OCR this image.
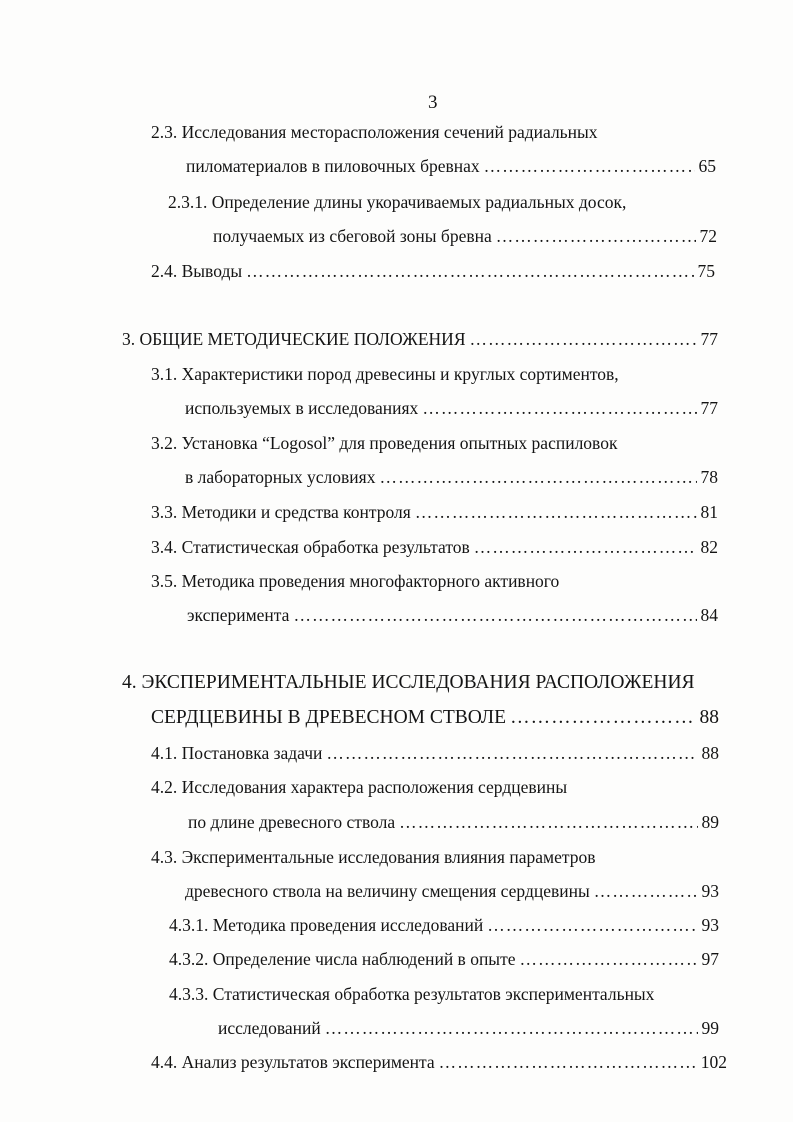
3
2.3. Исследования месторасположения сечений радиальных
пиломатериалов в пиловочных бревнах ………………………………………………………………………………………………………………………………………	65
2.3.1. Определение длины укорачиваемых радиальных досок,
получаемых из сбеговой зоны бревна ………………………………………………………………………………………………………………………………………	72
2.4. Выводы ………………………………………………………………………………………………………………………………………	75
3. ОБЩИЕ МЕТОДИЧЕСКИЕ ПОЛОЖЕНИЯ ………………………………………………………………………………………………………………………………………	77
3.1. Характеристики пород древесины и круглых сортиментов,
используемых в исследованиях ………………………………………………………………………………………………………………………………………	77
3.2. Установка “Logosol” для проведения опытных распиловок
в лабораторных условиях ………………………………………………………………………………………………………………………………………	78
3.3. Методики и средства контроля ………………………………………………………………………………………………………………………………………	81
3.4. Статистическая обработка результатов ………………………………………………………………………………………………………………………………………	82
3.5. Методика проведения многофакторного активного
эксперимента ………………………………………………………………………………………………………………………………………	84
4. ЭКСПЕРИМЕНТАЛЬНЫЕ ИССЛЕДОВАНИЯ РАСПОЛОЖЕНИЯ
СЕРДЦЕВИНЫ В ДРЕВЕСНОМ СТВОЛЕ ………………………………………………………………………………………………………………………………………	88
4.1. Постановка задачи ………………………………………………………………………………………………………………………………………	88
4.2. Исследования характера расположения сердцевины
по длине древесного ствола ………………………………………………………………………………………………………………………………………	89
4.3. Экспериментальные исследования влияния параметров
древесного ствола на величину смещения сердцевины ………………………………………………………………………………………………………………………………………	93
4.3.1. Методика проведения исследований ………………………………………………………………………………………………………………………………………	93
4.3.2. Определение числа наблюдений в опыте ………………………………………………………………………………………………………………………………………	97
4.3.3. Статистическая обработка результатов экспериментальных
исследований ………………………………………………………………………………………………………………………………………	99
4.4. Анализ результатов эксперимента ………………………………………………………………………………………………………………………………………	102
